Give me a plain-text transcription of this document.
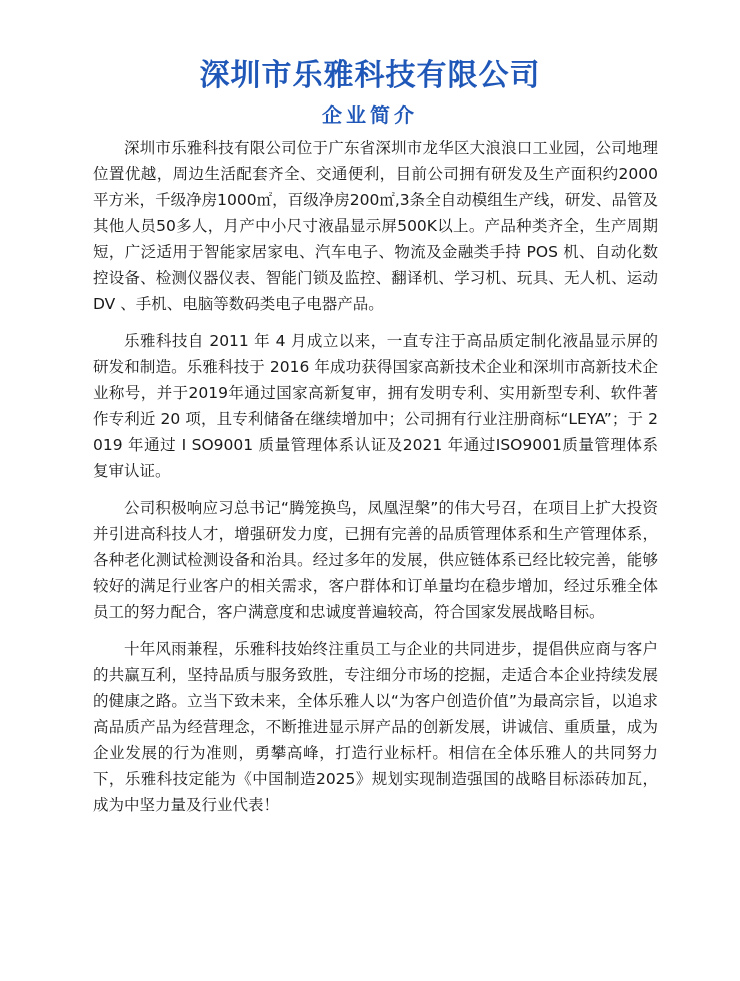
深圳市乐雅科技有限公司
企业简介

深圳市乐雅科技有限公司位于广东省深圳市龙华区大浪浪口工业园，公司地理位置优越，周边生活配套齐全、交通便利，目前公司拥有研发及生产面积约2000平方米，千级净房1000㎡，百级净房200㎡,3条全自动模组生产线，研发、品管及其他人员50多人，月产中小尺寸液晶显示屏500K以上。产品种类齐全，生产周期短，广泛适用于智能家居家电、汽车电子、物流及金融类手持 POS 机、自动化数控设备、检测仪器仪表、智能门锁及监控、翻译机、学习机、玩具、无人机、运动 DV 、手机、电脑等数码类电子电器产品。

乐雅科技自 2011 年 4 月成立以来，一直专注于高品质定制化液晶显示屏的研发和制造。乐雅科技于 2016 年成功获得国家高新技术企业和深圳市高新技术企业称号，并于2019年通过国家高新复审，拥有发明专利、实用新型专利、软件著作专利近 20 项，且专利储备在继续增加中；公司拥有行业注册商标“LEYA”；于 2019 年通过 I SO9001 质量管理体系认证及2021 年通过ISO9001质量管理体系复审认证。

公司积极响应习总书记“腾笼换鸟，凤凰涅槃”的伟大号召，在项目上扩大投资并引进高科技人才，增强研发力度，已拥有完善的品质管理体系和生产管理体系，各种老化测试检测设备和治具。经过多年的发展，供应链体系已经比较完善，能够较好的满足行业客户的相关需求，客户群体和订单量均在稳步增加，经过乐雅全体员工的努力配合，客户满意度和忠诚度普遍较高，符合国家发展战略目标。

十年风雨兼程，乐雅科技始终注重员工与企业的共同进步，提倡供应商与客户的共赢互利，坚持品质与服务致胜，专注细分市场的挖掘，走适合本企业持续发展的健康之路。立当下致未来，全体乐雅人以“为客户创造价值”为最高宗旨，以追求高品质产品为经营理念，不断推进显示屏产品的创新发展，讲诚信、重质量，成为企业发展的行为准则，勇攀高峰，打造行业标杆。相信在全体乐雅人的共同努力下，乐雅科技定能为《中国制造2025》规划实现制造强国的战略目标添砖加瓦，成为中坚力量及行业代表！
